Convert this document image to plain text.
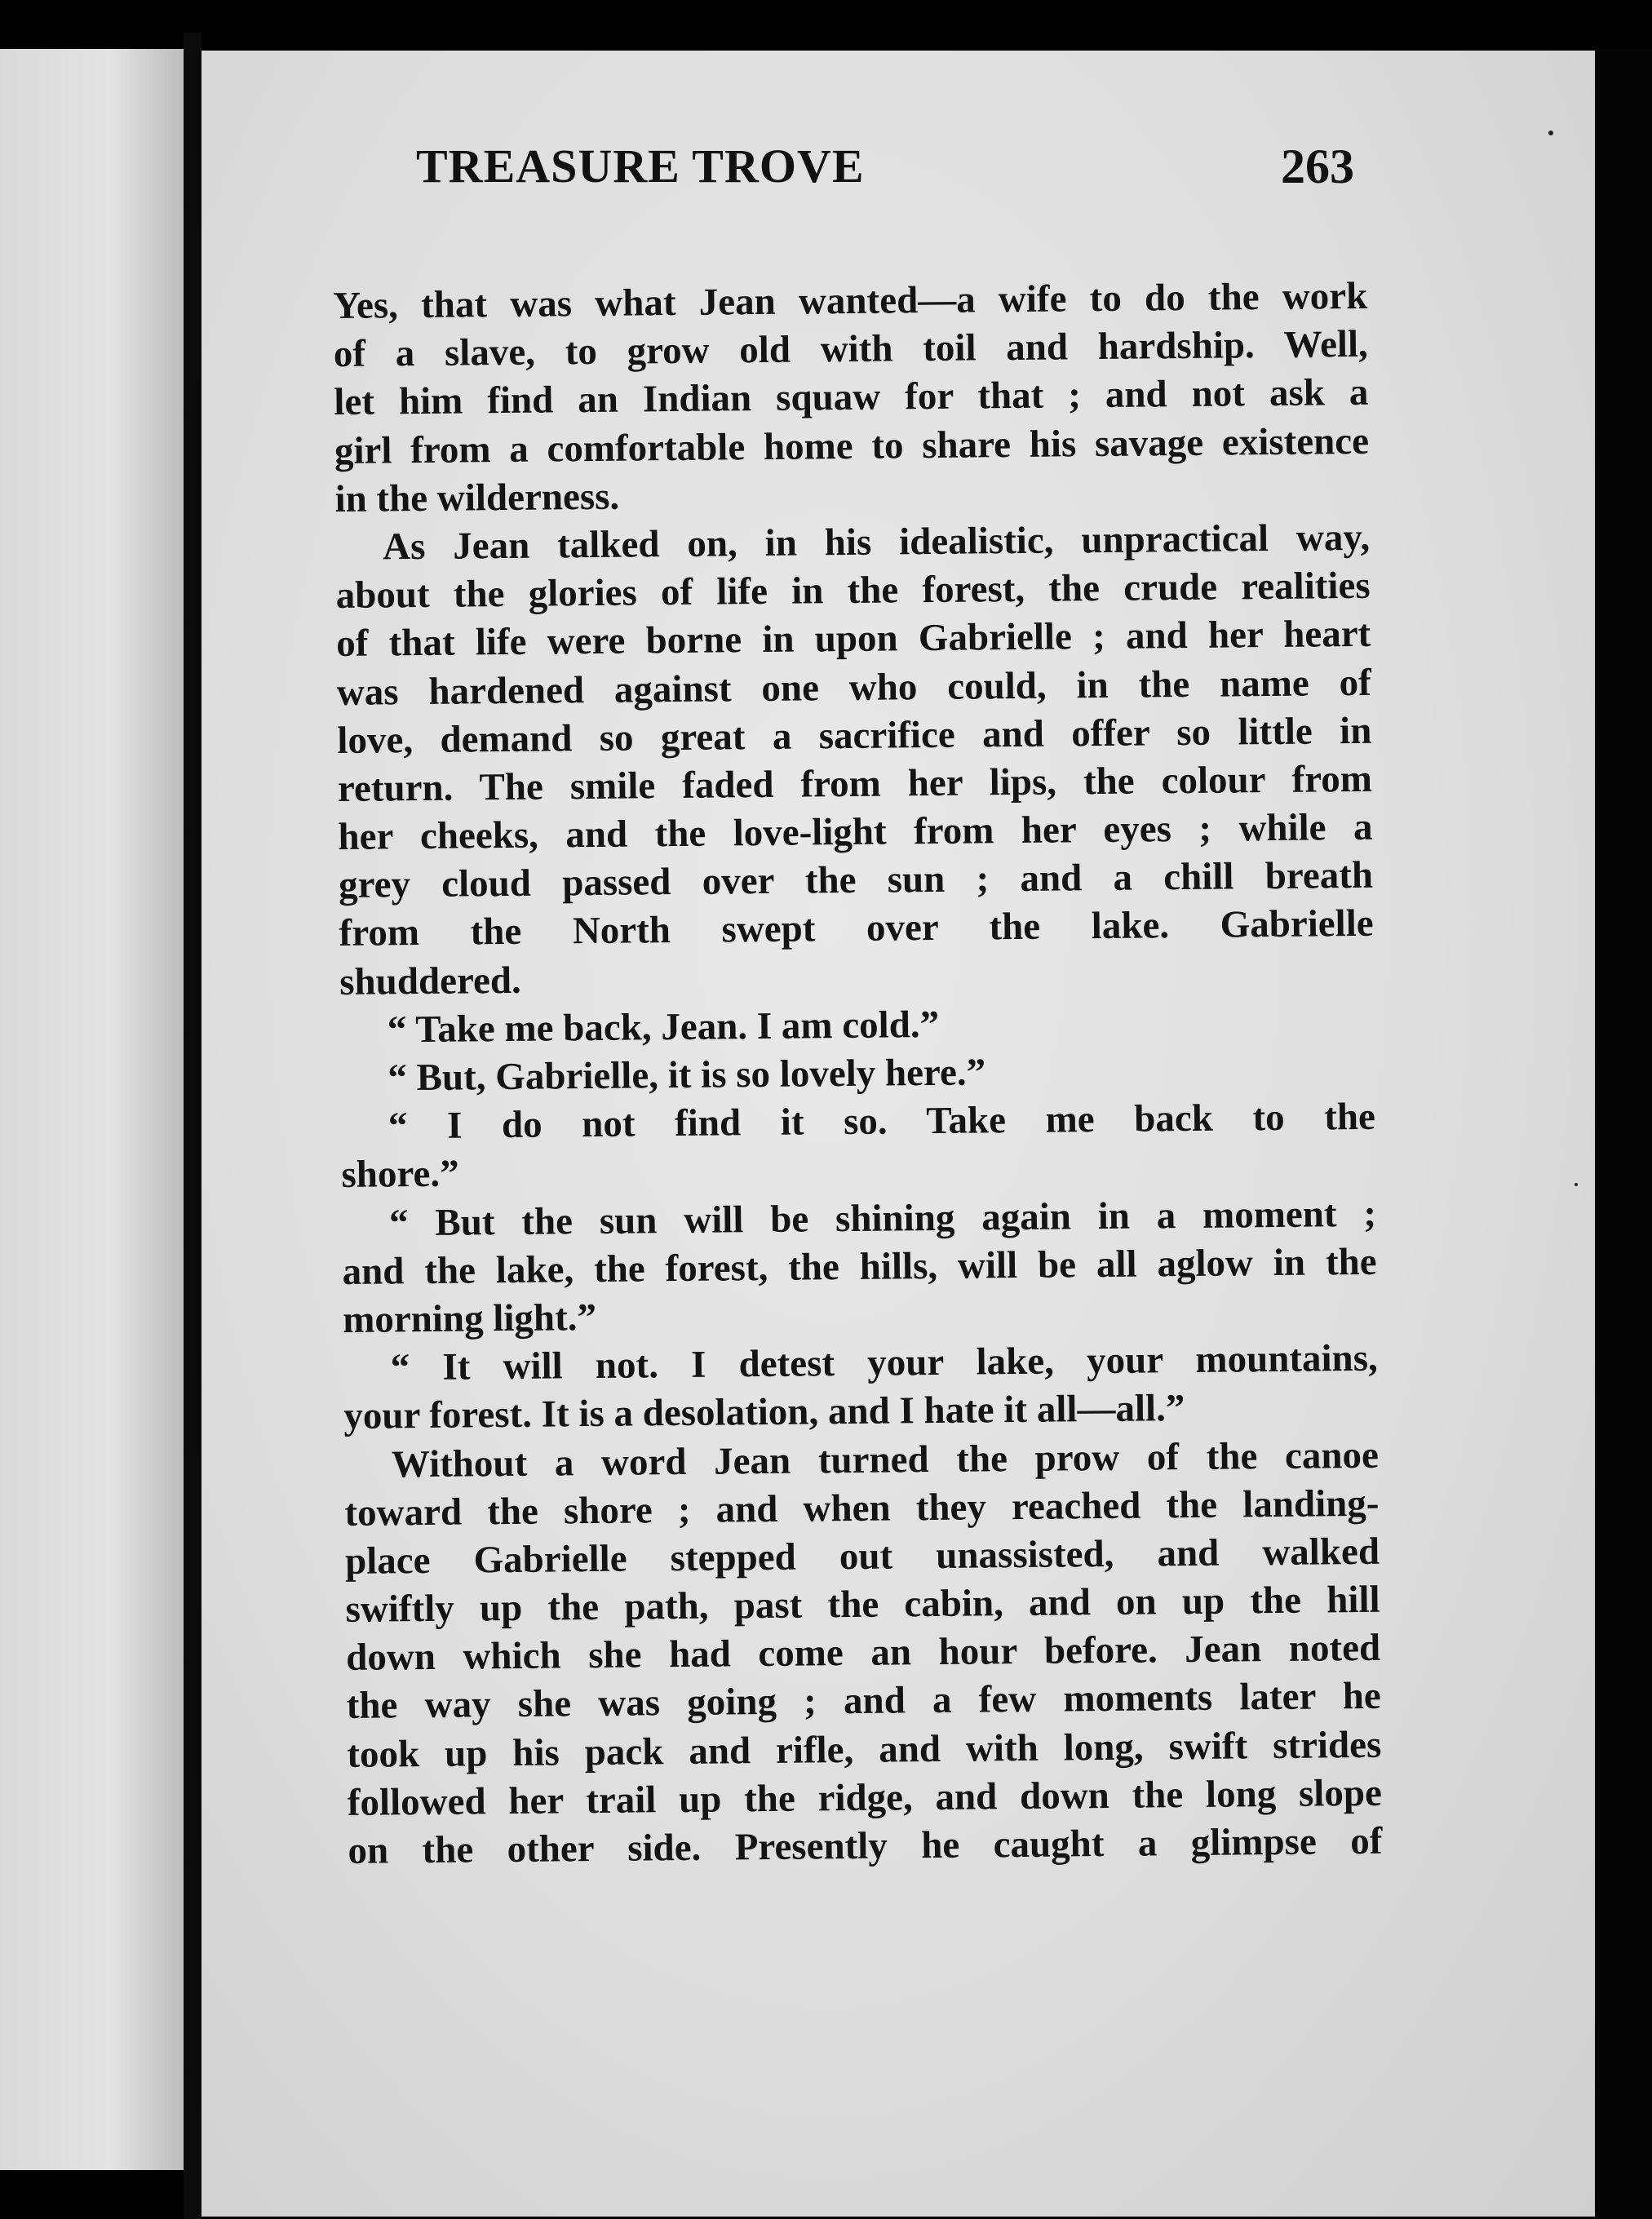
TREASURE TROVE	263
Yes, that was what Jean wanted—a wife to do the work
of a slave, to grow old with toil and hardship. Well,
let him find an Indian squaw for that ; and not ask a
girl from a comfortable home to share his savage existence
in the wilderness.
As Jean talked on, in his idealistic, unpractical way,
about the glories of life in the forest, the crude realities
of that life were borne in upon Gabrielle ; and her heart
was hardened against one who could, in the name of
love, demand so great a sacrifice and offer so little in
return. The smile faded from her lips, the colour from
her cheeks, and the love-light from her eyes ; while a
grey cloud passed over the sun ; and a chill breath
from the North swept over the lake. Gabrielle
shuddered.
“ Take me back, Jean. I am cold.”
“ But, Gabrielle, it is so lovely here.”
“ I do not find it so. Take me back to the
shore.”
“ But the sun will be shining again in a moment ;
and the lake, the forest, the hills, will be all aglow in the
morning light.”
“ It will not. I detest your lake, your mountains,
your forest. It is a desolation, and I hate it all—all.”
Without a word Jean turned the prow of the canoe
toward the shore ; and when they reached the landing-
place Gabrielle stepped out unassisted, and walked
swiftly up the path, past the cabin, and on up the hill
down which she had come an hour before. Jean noted
the way she was going ; and a few moments later he
took up his pack and rifle, and with long, swift strides
followed her trail up the ridge, and down the long slope
on the other side. Presently he caught a glimpse of
